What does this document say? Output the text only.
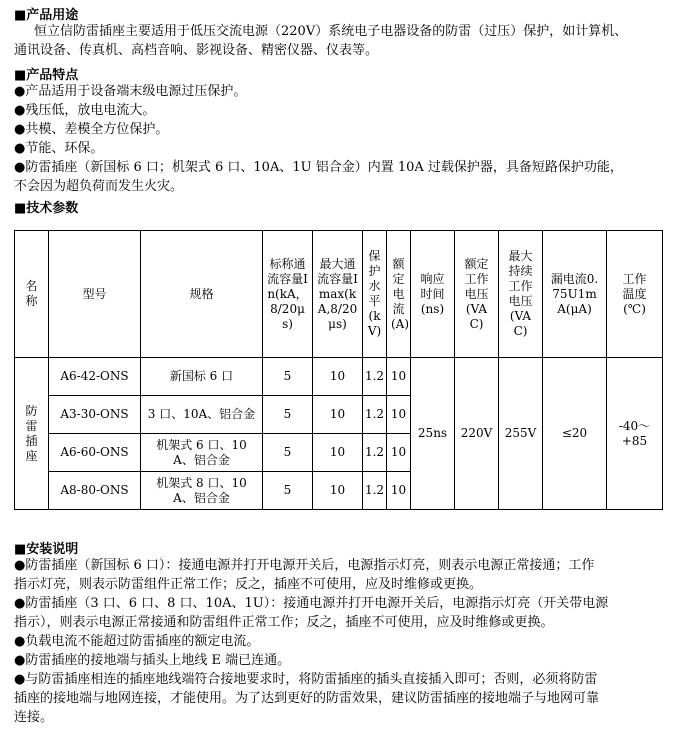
■产品用途
恒立信防雷插座主要适用于低压交流电源（220V）系统电子电器设备的防雷（过压）保护，如计算机、
通讯设备、传真机、高档音响、影视设备、精密仪器、仪表等。
■产品特点
●产品适用于设备端末级电源过压保护。
●残压低，放电电流大。
●共模、差模全方位保护。
●节能、环保。
●防雷插座（新国标 6 口；机架式 6 口、10A、1U 铝合金）内置 10A 过载保护器，具备短路保护功能，
不会因为超负荷而发生火灾。
■技术参数
名称	型号	规格	标称通流容量In(kA，8/20μs)	最大通流容量Imax(kA,8/20μs)	保护水平(kV)	额定电流(A)	响应时间(ns)	额定工作电压(VAC)	最大持续工作电压(VAC)	漏电流0.75U1mA(μA)	工作温度(℃)
防雷插座	A6-42-ONS	新国标 6 口	5	10	1.2	10	25ns	220V	255V	≤20	-40～+85
	A3-30-ONS	3 口、10A、铝合金	5	10	1.2	10					
	A6-60-ONS	机架式 6 口、10A、铝合金	5	10	1.2	10					
	A8-80-ONS	机架式 8 口、10A、铝合金	5	10	1.2	10					
■安装说明
●防雷插座（新国标 6 口）：接通电源并打开电源开关后，电源指示灯亮，则表示电源正常接通；工作
指示灯亮，则表示防雷组件正常工作；反之，插座不可使用，应及时维修或更换。
●防雷插座（3 口、6 口、8 口、10A、1U）：接通电源并打开电源开关后，电源指示灯亮（开关带电源
指示），则表示电源正常接通和防雷组件正常工作；反之，插座不可使用，应及时维修或更换。
●负载电流不能超过防雷插座的额定电流。
●防雷插座的接地端与插头上地线 E 端已连通。
●与防雷插座相连的插座地线端符合接地要求时，将防雷插座的插头直接插入即可；否则，必须将防雷
插座的接地端与地网连接，才能使用。为了达到更好的防雷效果，建议防雷插座的接地端子与地网可靠
连接。
